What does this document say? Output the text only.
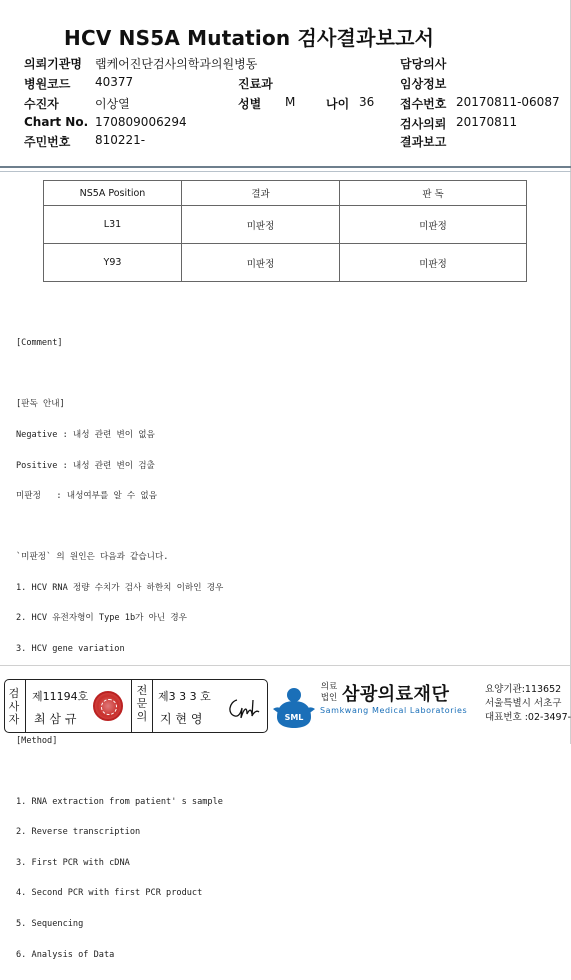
HCV NS5A Mutation 검사결과보고서
의뢰기관명 랩케어진단검사의학과의원병동
병원코드 40377
수진자	이상열
Chart No. 170809006294
주민번호 810221-
진료과
성별 M	나이 36
담당의사
임상정보
접수번호 20170811-06087
검사의뢰 20170811
결과보고
NS5A Position	결과	판 독
L31	미판정	미판정
Y93	미판정	미판정

[Comment]

[판독 안내]

Negative : 내성 관련 변이 없음

Positive : 내성 관련 변이 검출

미판정   : 내성여부를 알 수 없음

`미판정` 의 원인은 다음과 같습니다.

1. HCV RNA 정량 수치가 검사 하한치 이하인 경우

2. HCV 유전자형이 Type 1b가 아닌 경우

3. HCV gene variation

[Method]

1. RNA extraction from patient' s sample

2. Reverse transcription

3. First PCR with cDNA

4. Second PCR with first PCR product

5. Sequencing

6. Analysis of Data

검사자
제11194호
최 삼 규
전문의
제3 3 3 호
지 현 영	SML
의료법인 삼광의료재단
Samkwang Medical Laboratories
요양기관:113652
서울특별시 서초구
대표번호 :02-3497-
